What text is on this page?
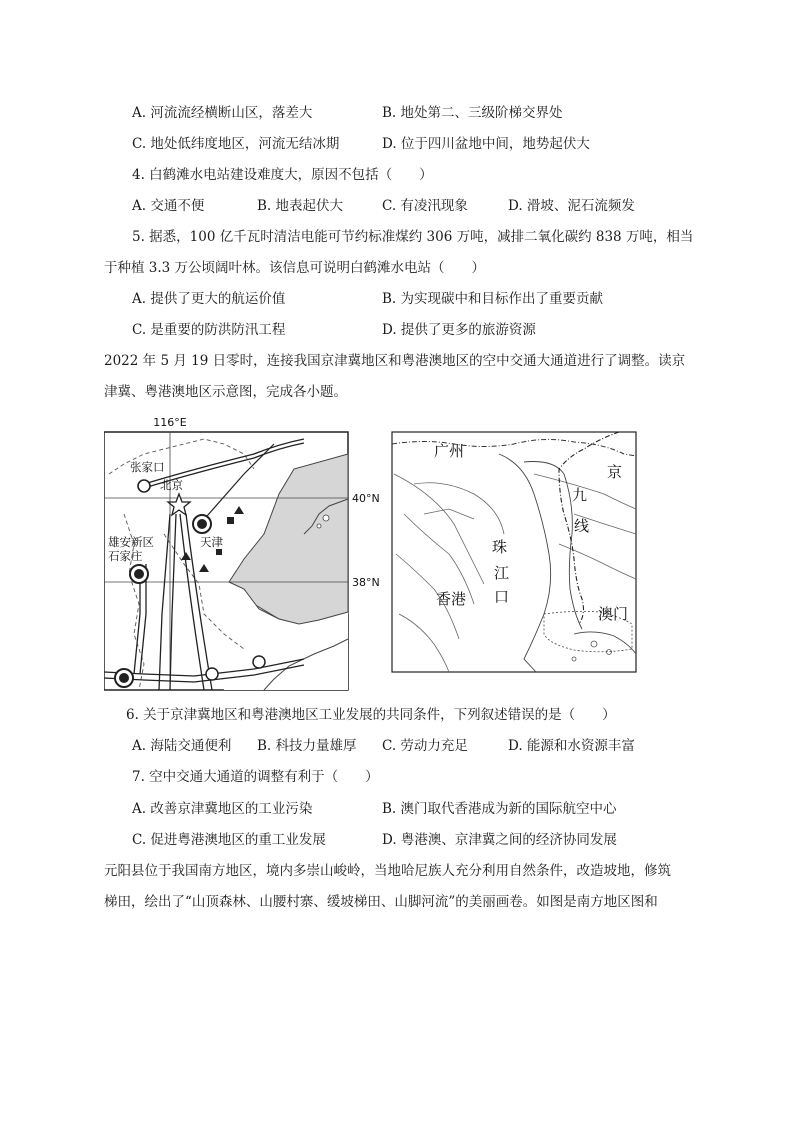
A. 河流流经横断山区，落差大	B. 地处第二、三级阶梯交界处
C. 地处低纬度地区，河流无结冰期	D. 位于四川盆地中间，地势起伏大
4. 白鹤滩水电站建设难度大，原因不包括（　　）
A. 交通不便	B. 地表起伏大	C. 有凌汛现象	D. 滑坡、泥石流频发
5. 据悉，100 亿千瓦时清洁电能可节约标准煤约 306 万吨，减排二氧化碳约 838 万吨，相当
于种植 3.3 万公顷阔叶林。该信息可说明白鹤滩水电站（　　）
A. 提供了更大的航运价值	B. 为实现碳中和目标作出了重要贡献
C. 是重要的防洪防汛工程	D. 提供了更多的旅游资源
2022 年 5 月 19 日零时，连接我国京津冀地区和粤港澳地区的空中交通大通道进行了调整。读京
津冀、粤港澳地区示意图，完成各小题。
116°E
40°N
38°N
张家口
北京
雄安新区
石家庄
天津
广州
京
九
线
珠
江
口
香港
澳门
6. 关于京津冀地区和粤港澳地区工业发展的共同条件，下列叙述错误的是（　　）
A. 海陆交通便利 B. 科技力量雄厚 C. 劳动力充足	D. 能源和水资源丰富
7. 空中交通大通道的调整有利于（　　）
A. 改善京津冀地区的工业污染	B. 澳门取代香港成为新的国际航空中心
C. 促进粤港澳地区的重工业发展	D. 粤港澳、京津冀之间的经济协同发展
元阳县位于我国南方地区，境内多崇山峻岭，当地哈尼族人充分利用自然条件，改造坡地，修筑
梯田，绘出了“山顶森林、山腰村寨、缓坡梯田、山脚河流”的美丽画卷。如图是南方地区图和
